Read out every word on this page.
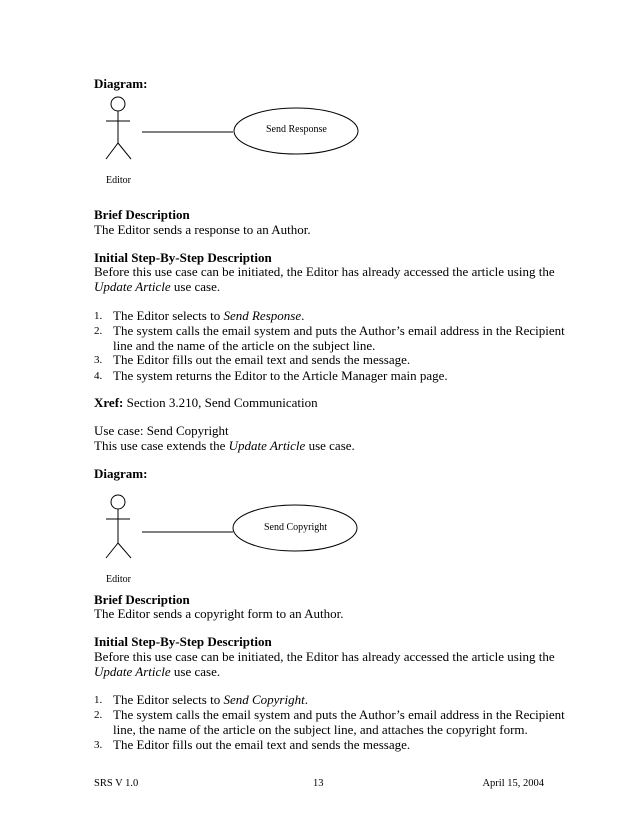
Diagram:
Send Response
Editor
Brief Description
The Editor sends a response to an Author.
Initial Step-By-Step Description
Before this use case can be initiated, the Editor has already accessed the article using the
Update Article use case.
1. The Editor selects to Send Response.
2. The system calls the email system and puts the Author’s email address in the Recipient
line and the name of the article on the subject line.
3. The Editor fills out the email text and sends the message.
4. The system returns the Editor to the Article Manager main page.
Xref: Section 3.210, Send Communication
Use case: Send Copyright
This use case extends the Update Article use case.
Diagram:
Send Copyright
Editor
Brief Description
The Editor sends a copyright form to an Author.
Initial Step-By-Step Description
Before this use case can be initiated, the Editor has already accessed the article using the
Update Article use case.
1. The Editor selects to Send Copyright.
2. The system calls the email system and puts the Author’s email address in the Recipient
line, the name of the article on the subject line, and attaches the copyright form.
3. The Editor fills out the email text and sends the message.
SRS V 1.0	13	April 15, 2004
